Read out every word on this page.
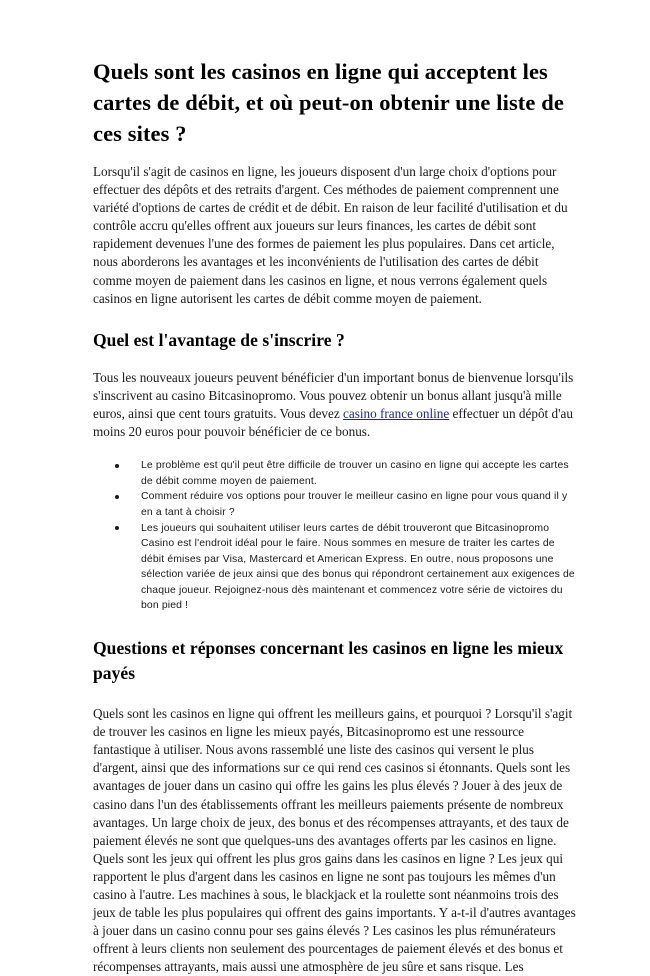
Quels sont les casinos en ligne qui acceptent les cartes de débit, et où peut-on obtenir une liste de ces sites ?

Lorsqu'il s'agit de casinos en ligne, les joueurs disposent d'un large choix d'options pour effectuer des dépôts et des retraits d'argent. Ces méthodes de paiement comprennent une variété d'options de cartes de crédit et de débit. En raison de leur facilité d'utilisation et du contrôle accru qu'elles offrent aux joueurs sur leurs finances, les cartes de débit sont rapidement devenues l'une des formes de paiement les plus populaires. Dans cet article, nous aborderons les avantages et les inconvénients de l'utilisation des cartes de débit comme moyen de paiement dans les casinos en ligne, et nous verrons également quels casinos en ligne autorisent les cartes de débit comme moyen de paiement.

Quel est l'avantage de s'inscrire ?

Tous les nouveaux joueurs peuvent bénéficier d'un important bonus de bienvenue lorsqu'ils s'inscrivent au casino Bitcasinopromo. Vous pouvez obtenir un bonus allant jusqu'à mille euros, ainsi que cent tours gratuits. Vous devez casino france online effectuer un dépôt d'au moins 20 euros pour pouvoir bénéficier de ce bonus.

Le problème est qu'il peut être difficile de trouver un casino en ligne qui accepte les cartes de débit comme moyen de paiement.
Comment réduire vos options pour trouver le meilleur casino en ligne pour vous quand il y en a tant à choisir ?
Les joueurs qui souhaitent utiliser leurs cartes de débit trouveront que Bitcasinopromo Casino est l'endroit idéal pour le faire. Nous sommes en mesure de traiter les cartes de débit émises par Visa, Mastercard et American Express. En outre, nous proposons une sélection variée de jeux ainsi que des bonus qui répondront certainement aux exigences de chaque joueur. Rejoignez-nous dès maintenant et commencez votre série de victoires du bon pied !
Questions et réponses concernant les casinos en ligne les mieux payés

Quels sont les casinos en ligne qui offrent les meilleurs gains, et pourquoi ? Lorsqu'il s'agit de trouver les casinos en ligne les mieux payés, Bitcasinopromo est une ressource fantastique à utiliser. Nous avons rassemblé une liste des casinos qui versent le plus d'argent, ainsi que des informations sur ce qui rend ces casinos si étonnants. Quels sont les avantages de jouer dans un casino qui offre les gains les plus élevés ? Jouer à des jeux de casino dans l'un des établissements offrant les meilleurs paiements présente de nombreux avantages. Un large choix de jeux, des bonus et des récompenses attrayants, et des taux de paiement élevés ne sont que quelques-uns des avantages offerts par les casinos en ligne. Quels sont les jeux qui offrent les plus gros gains dans les casinos en ligne ? Les jeux qui rapportent le plus d'argent dans les casinos en ligne ne sont pas toujours les mêmes d'un casino à l'autre. Les machines à sous, le blackjack et la roulette sont néanmoins trois des jeux de table les plus populaires qui offrent des gains importants. Y a-t-il d'autres avantages à jouer dans un casino connu pour ses gains élevés ? Les casinos les plus rémunérateurs offrent à leurs clients non seulement des pourcentages de paiement élevés et des bonus et récompenses attrayants, mais aussi une atmosphère de jeu sûre et sans risque. Les
